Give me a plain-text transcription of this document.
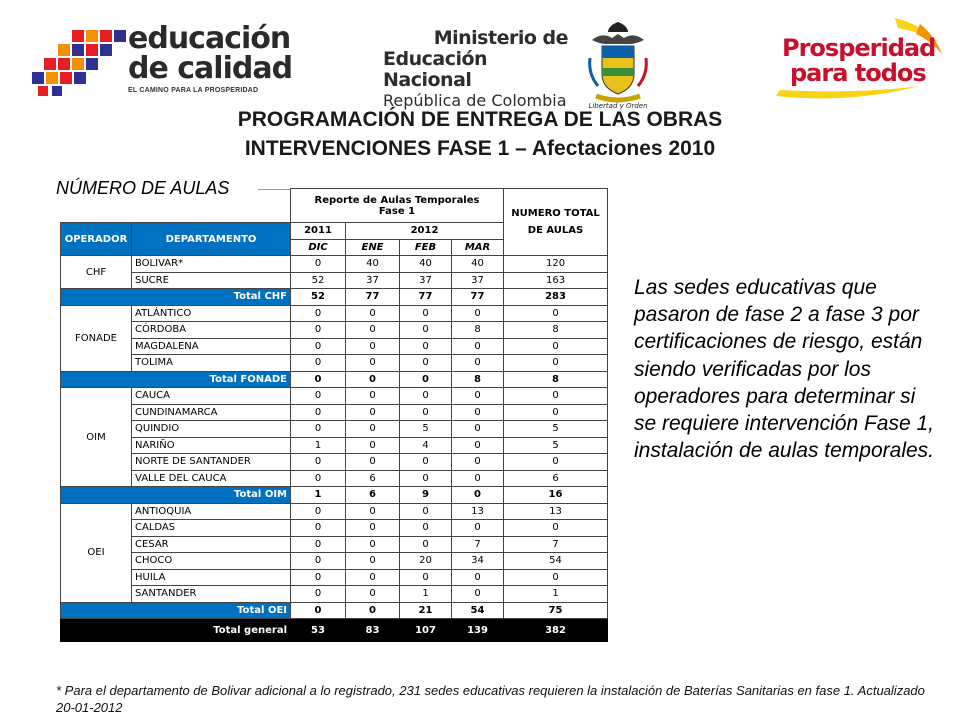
educación
de calidad
EL CAMINO PARA LA PROSPERIDAD
Ministerio de
Educación Nacional
República de Colombia	Libertad y Orden
Prosperidad
para todos
PROGRAMACIÓN DE ENTREGA DE LAS OBRAS
INTERVENCIONES FASE 1 – Afectaciones 2010
NÚMERO DE AULAS

		Reporte de Aulas Temporales
Fase 1				NUMERO TOTAL DE AULAS

OPERADOR	DEPARTAMENTO	2011	2012			
		DIC	ENE	FEB	MAR	
CHF	BOLIVAR*	0	40	40	40	120
	SUCRE	52	37	37	37	163
Total CHF		52	77	77	77	283
FONADE	ATLÁNTICO	0	0	0	0	0
	CÓRDOBA	0	0	0	8	8
	MAGDALENA	0	0	0	0	0
	TOLIMA	0	0	0	0	0
Total FONADE		0	0	0	8	8
OIM	CAUCA	0	0	0	0	0
	CUNDINAMARCA	0	0	0	0	0
	QUINDIO	0	0	5	0	5
	NARIÑO	1	0	4	0	5
	NORTE DE SANTANDER	0	0	0	0	0
	VALLE DEL CAUCA	0	6	0	0	6
Total OIM		1	6	9	0	16
OEI	ANTIOQUIA	0	0	0	13	13
	CALDAS	0	0	0	0	0
	CESAR	0	0	0	7	7
	CHOCO	0	0	20	34	54
	HUILA	0	0	0	0	0
	SANTANDER	0	0	1	0	1
Total OEI		0	0	21	54	75
Total general		53	83	107	139	382
Las sedes educativas que pasaron de fase 2 a fase 3 por certificaciones de riesgo, están siendo verificadas por los operadores para determinar si se requiere intervención Fase 1, instalación de aulas temporales.
* Para el departamento de Bolivar adicional a lo registrado, 231 sedes educativas requieren la instalación de Baterías Sanitarias en fase 1. Actualizado 20-01-2012
